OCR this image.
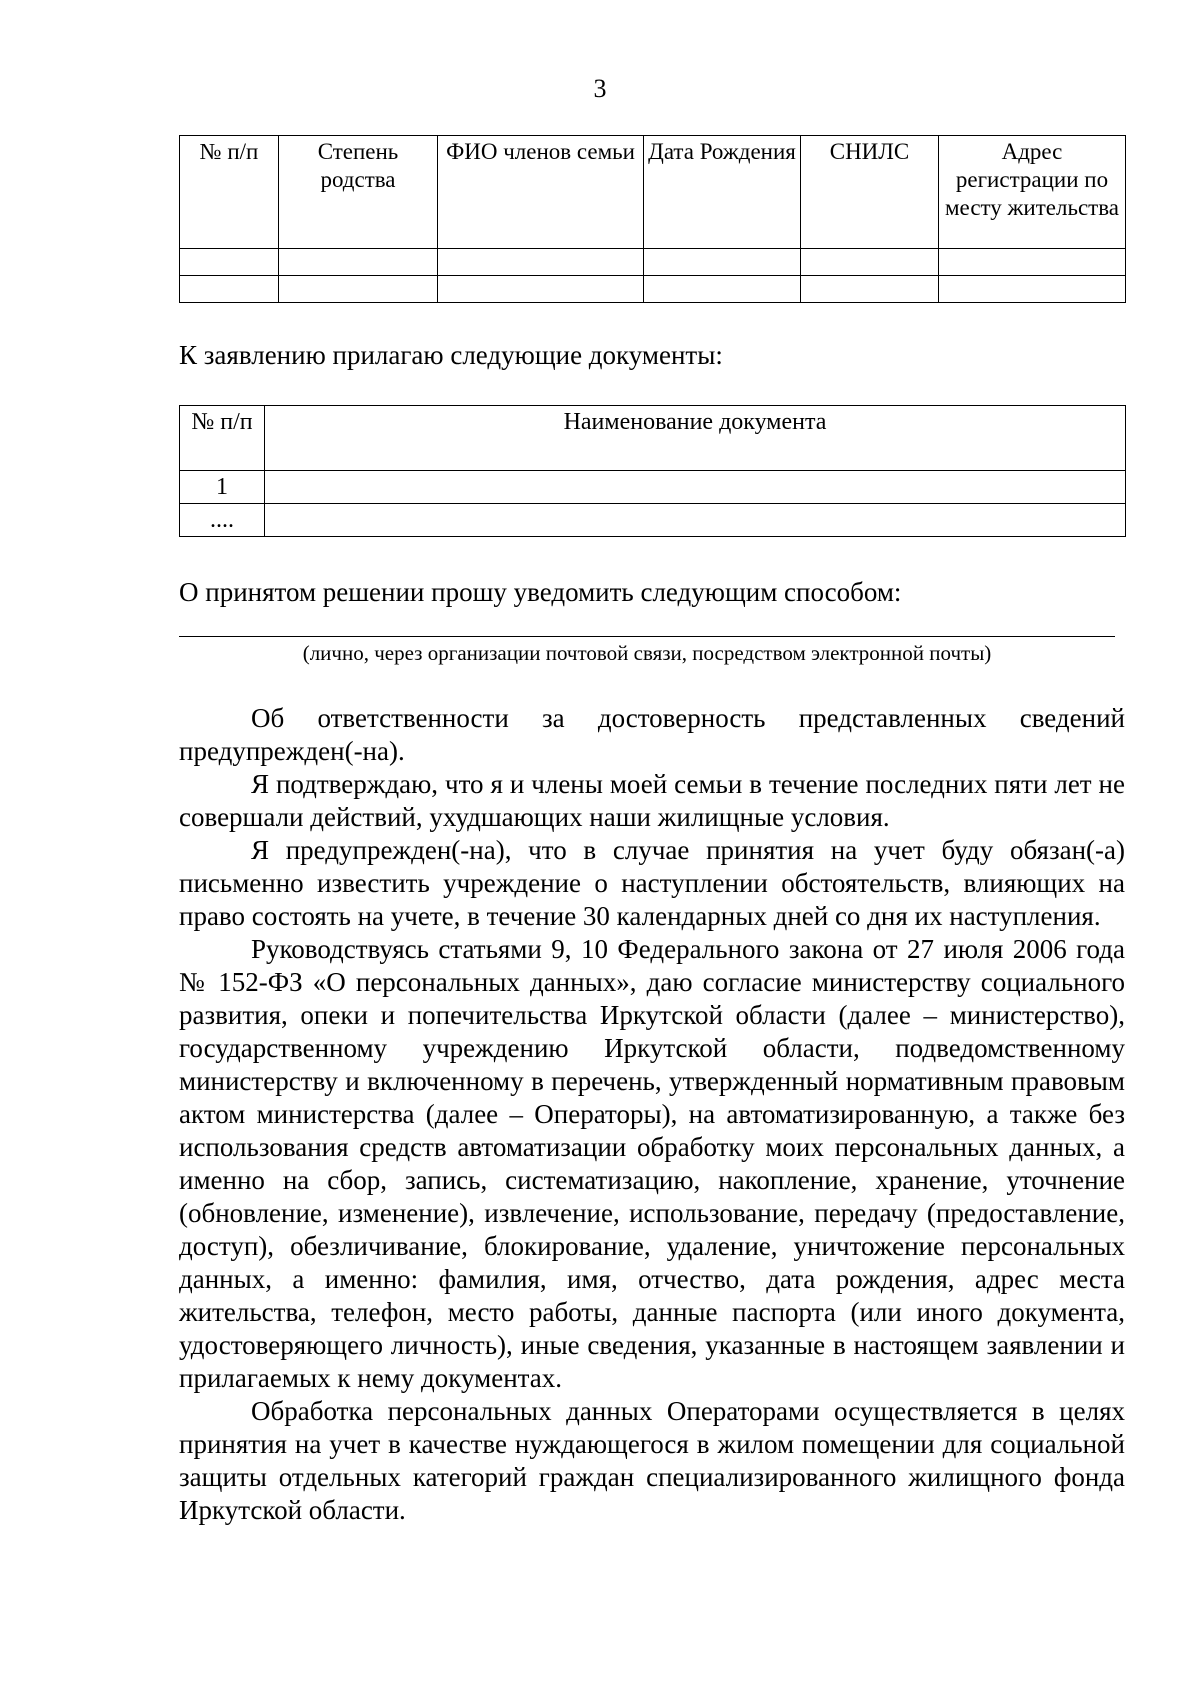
3
№ п/п	Степень родства	ФИО членов семьи	Дата Рождения	СНИЛС	Адрес регистрации по месту жительства

К заявлению прилагаю следующие документы:
№ п/п	Наименование документа
1	
....	
О принятом решении прошу уведомить следующим способом:
(лично, через организации почтовой связи, посредством электронной почты)

Об ответственности за достоверность представленных сведений предупрежден(-на).

Я подтверждаю, что я и члены моей семьи в течение последних пяти лет не совершали действий, ухудшающих наши жилищные условия.

Я предупрежден(-на), что в случае принятия на учет буду обязан(-а) письменно известить учреждение о наступлении обстоятельств, влияющих на право состоять на учете, в течение 30 календарных дней со дня их наступления.

Руководствуясь статьями 9, 10 Федерального закона от 27 июля 2006 года № 152-ФЗ «О персональных данных», даю согласие министерству социального развития, опеки и попечительства Иркутской области (далее – министерство), государственному учреждению Иркутской области, подведомственному министерству и включенному в перечень, утвержденный нормативным правовым актом министерства (далее – Операторы), на автоматизированную, а также без использования средств автоматизации обработку моих персональных данных, а именно на сбор, запись, систематизацию, накопление, хранение, уточнение (обновление, изменение), извлечение, использование, передачу (предоставление, доступ), обезличивание, блокирование, удаление, уничтожение персональных данных, а именно: фамилия, имя, отчество, дата рождения, адрес места жительства, телефон, место работы, данные паспорта (или иного документа, удостоверяющего личность), иные сведения, указанные в настоящем заявлении и прилагаемых к нему документах.

Обработка персональных данных Операторами осуществляется в целях принятия на учет в качестве нуждающегося в жилом помещении для социальной защиты отдельных категорий граждан специализированного жилищного фонда Иркутской области.
